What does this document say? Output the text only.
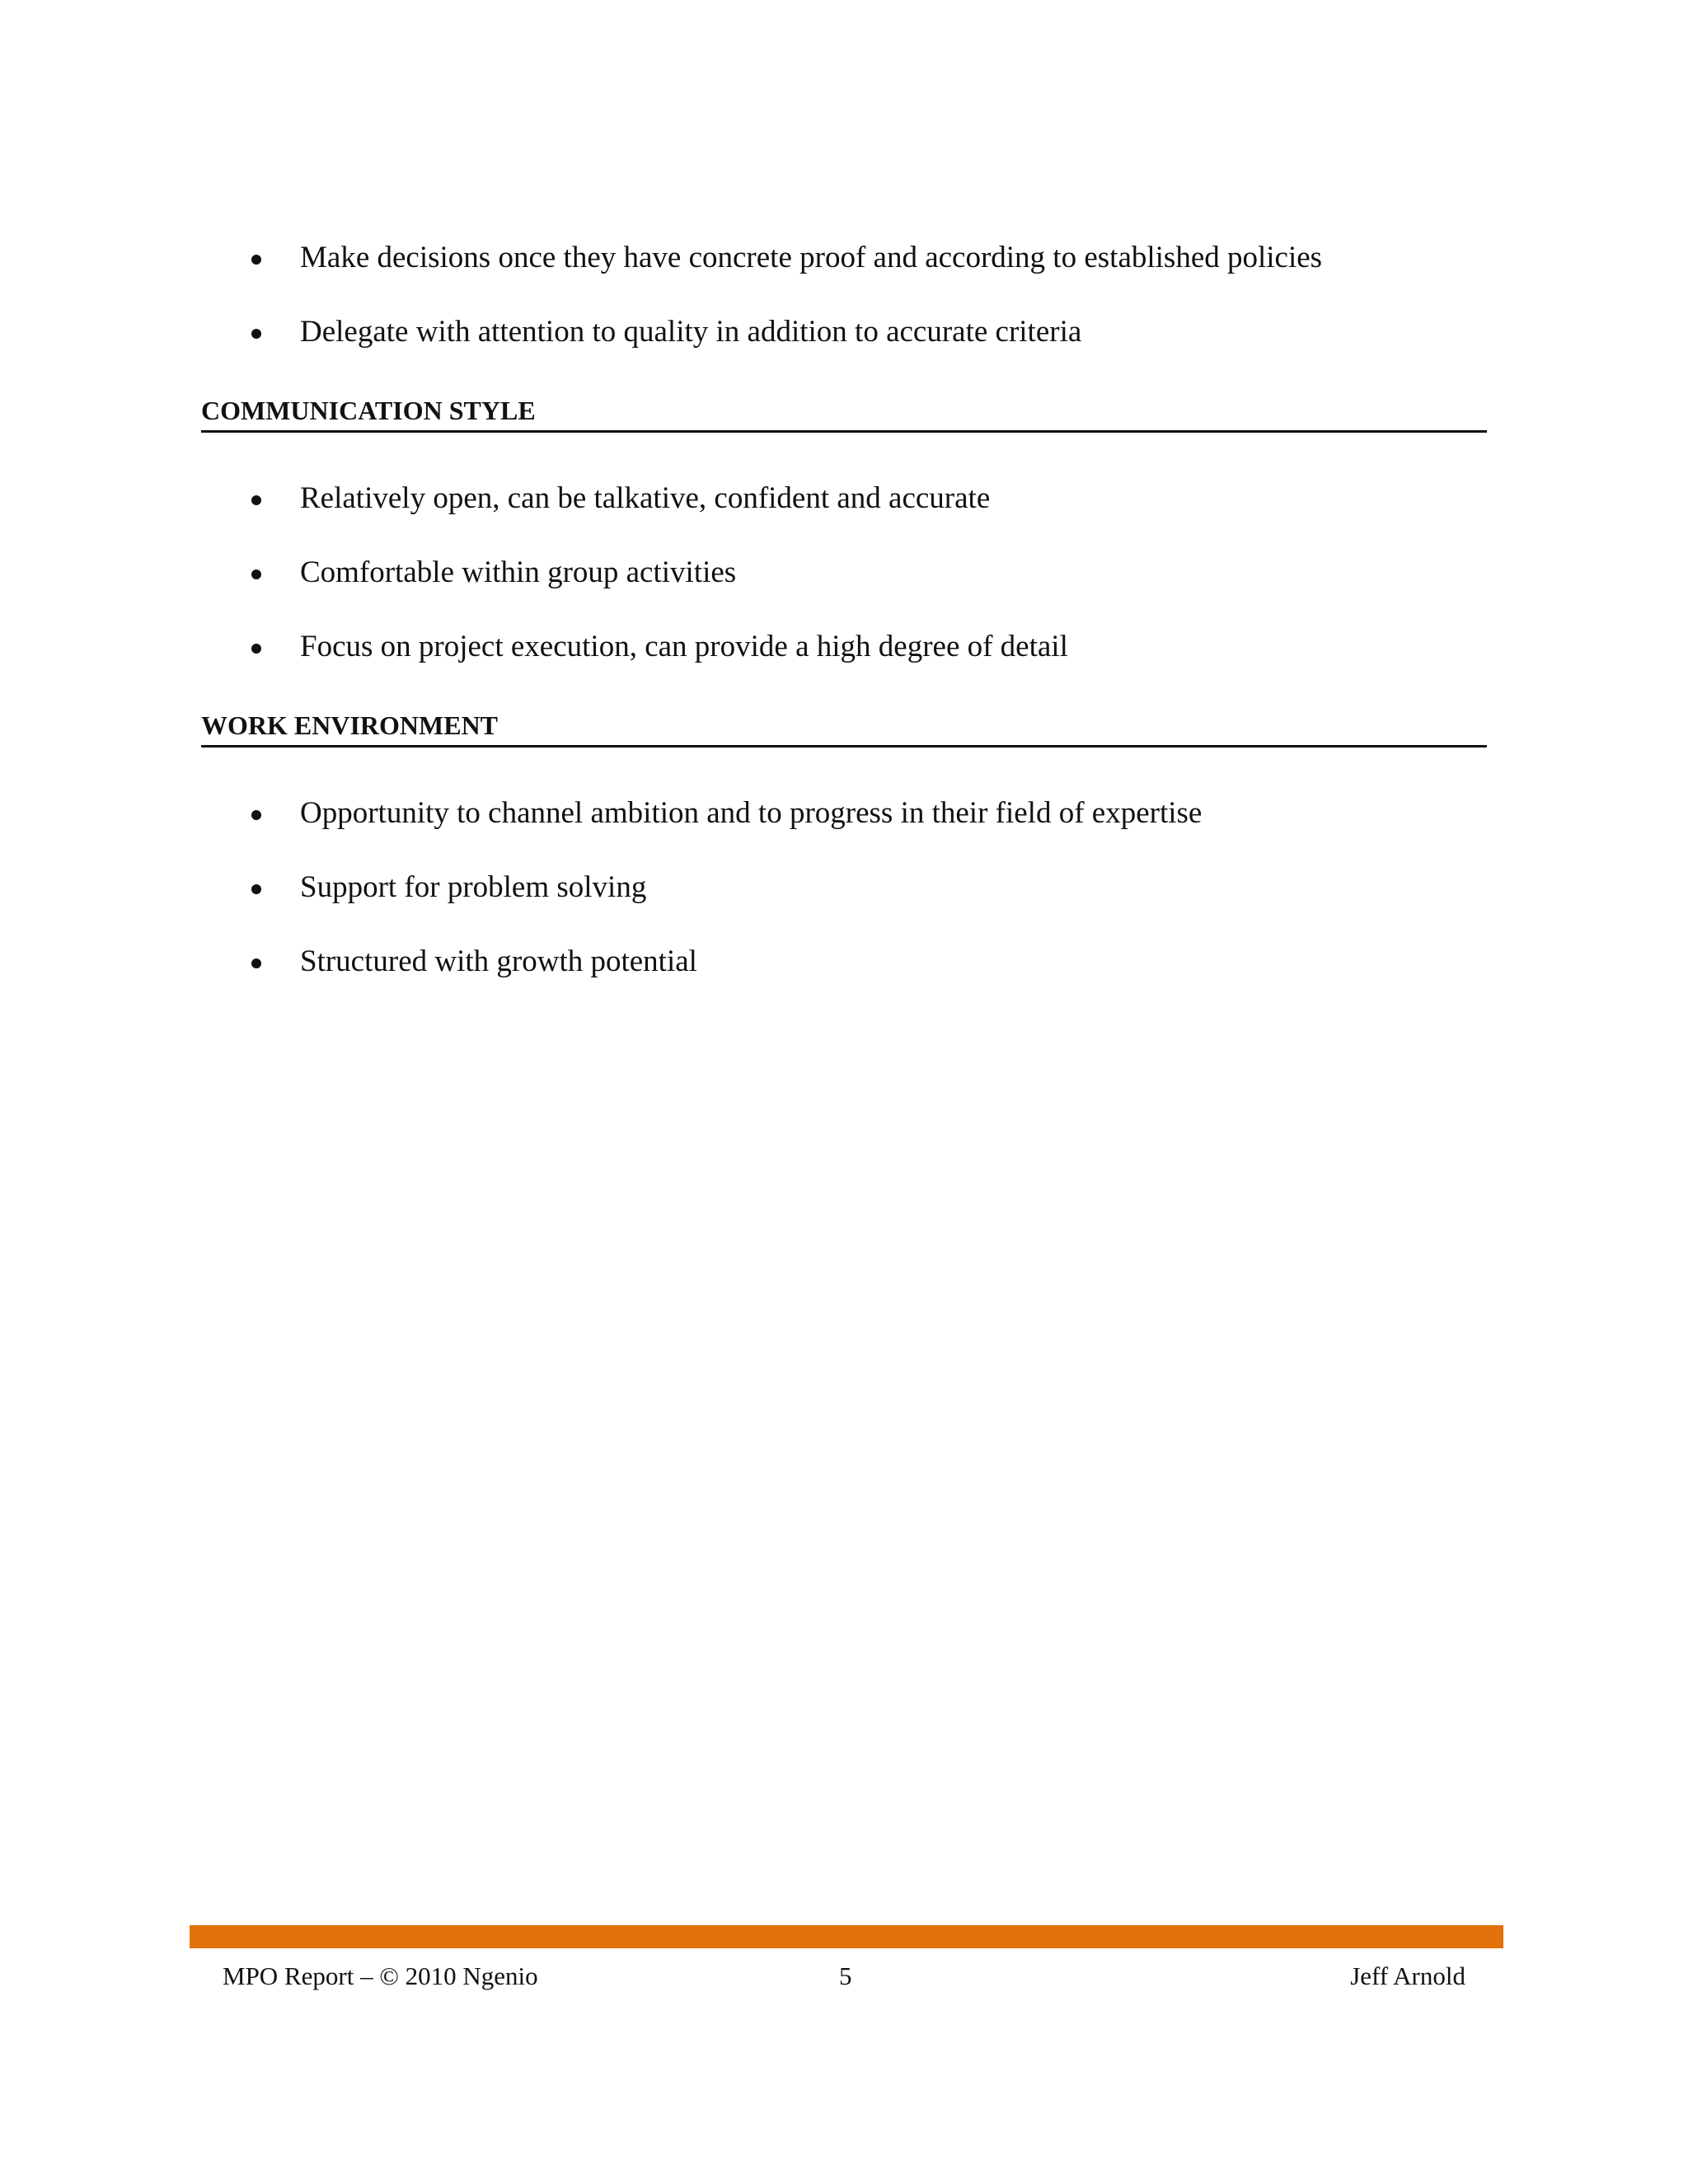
Make decisions once they have concrete proof and according to established policies
Delegate with attention to quality in addition to accurate criteria
COMMUNICATION STYLE
Relatively open, can be talkative, confident and accurate
Comfortable within group activities
Focus on project execution, can provide a high degree of detail
WORK ENVIRONMENT
Opportunity to channel ambition and to progress in their field of expertise
Support for problem solving
Structured with growth potential
MPO Report – © 2010 Ngenio	5	Jeff Arnold
